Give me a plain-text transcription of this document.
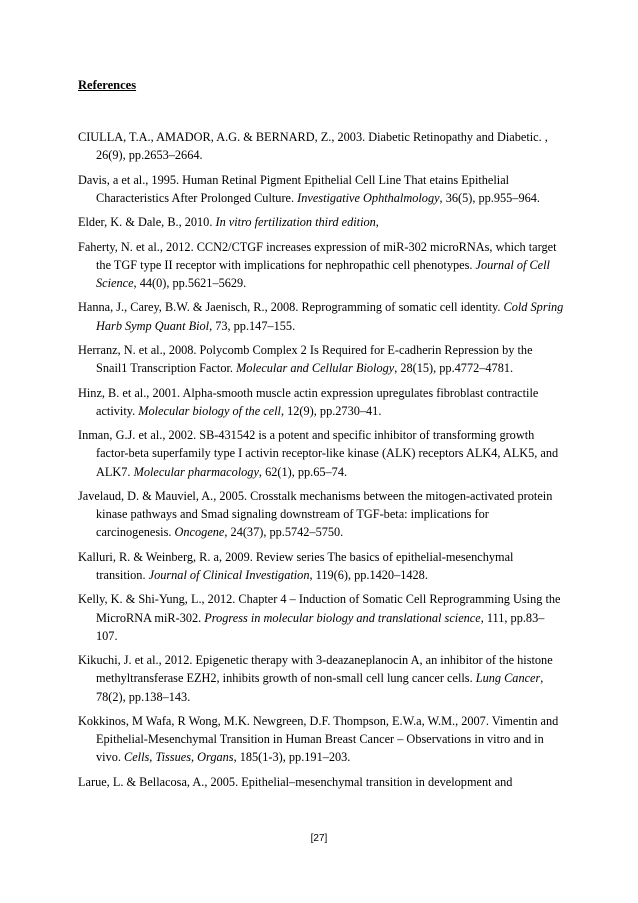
References

CIULLA, T.A., AMADOR, A.G. & BERNARD, Z., 2003. Diabetic Retinopathy and Diabetic. , 26(9), pp.2653–2664.

Davis, a et al., 1995. Human Retinal Pigment Epithelial Cell Line That etains Epithelial Characteristics After Prolonged Culture. Investigative Ophthalmology, 36(5), pp.955–964.

Elder, K. & Dale, B., 2010. In vitro fertilization third edition,

Faherty, N. et al., 2012. CCN2/CTGF increases expression of miR-302 microRNAs, which target the TGF type II receptor with implications for nephropathic cell phenotypes. Journal of Cell Science, 44(0), pp.5621–5629.

Hanna, J., Carey, B.W. & Jaenisch, R., 2008. Reprogramming of somatic cell identity. Cold Spring Harb Symp Quant Biol, 73, pp.147–155.

Herranz, N. et al., 2008. Polycomb Complex 2 Is Required for E-cadherin Repression by the Snail1 Transcription Factor. Molecular and Cellular Biology, 28(15), pp.4772–4781.

Hinz, B. et al., 2001. Alpha-smooth muscle actin expression upregulates fibroblast contractile activity. Molecular biology of the cell, 12(9), pp.2730–41.

Inman, G.J. et al., 2002. SB-431542 is a potent and specific inhibitor of transforming growth factor-beta superfamily type I activin receptor-like kinase (ALK) receptors ALK4, ALK5, and ALK7. Molecular pharmacology, 62(1), pp.65–74.

Javelaud, D. & Mauviel, A., 2005. Crosstalk mechanisms between the mitogen-activated protein kinase pathways and Smad signaling downstream of TGF-beta: implications for carcinogenesis. Oncogene, 24(37), pp.5742–5750.

Kalluri, R. & Weinberg, R. a, 2009. Review series The basics of epithelial-mesenchymal transition. Journal of Clinical Investigation, 119(6), pp.1420–1428.

Kelly, K. & Shi-Yung, L., 2012. Chapter 4 – Induction of Somatic Cell Reprogramming Using the MicroRNA miR-302. Progress in molecular biology and translational science, 111, pp.83–107.

Kikuchi, J. et al., 2012. Epigenetic therapy with 3-deazaneplanocin A, an inhibitor of the histone methyltransferase EZH2, inhibits growth of non-small cell lung cancer cells. Lung Cancer, 78(2), pp.138–143.

Kokkinos, M Wafa, R Wong, M.K. Newgreen, D.F. Thompson, E.W.a, W.M., 2007. Vimentin and Epithelial-Mesenchymal Transition in Human Breast Cancer – Observations in vitro and in vivo. Cells, Tissues, Organs, 185(1-3), pp.191–203.

Larue, L. & Bellacosa, A., 2005. Epithelial–mesenchymal transition in development and

[27]
